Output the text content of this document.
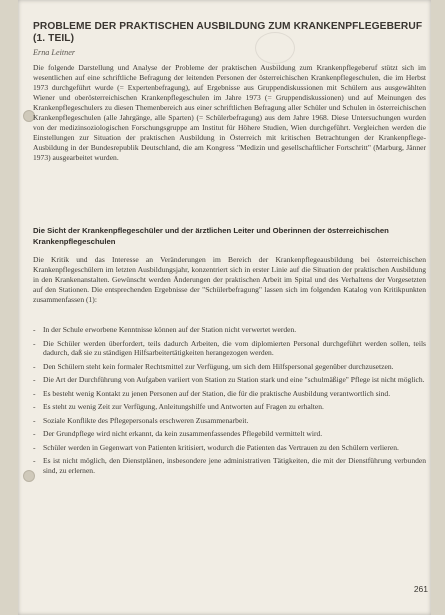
PROBLEME DER PRAKTISCHEN AUSBILDUNG ZUM KRANKENPFLEGEBERUF (1. TEIL)
Erna Leitner
Die folgende Darstellung und Analyse der Probleme der praktischen Ausbildung zum Krankenpflegeberuf stützt sich im wesentlichen auf eine schriftliche Befragung der leitenden Personen der österreichischen Krankenpflegeschulen, die im Herbst 1973 durchgeführt wurde (= Expertenbefragung), auf Ergebnisse aus Gruppendiskussionen mit Schülern aus ausgewählten Wiener und oberösterreichischen Krankenpflegeschulen im Jahre 1973 (= Gruppendiskussionen) und auf Meinungen des Krankenpflegeschulers zu diesen Themenbereich aus einer schriftlichen Befragung aller Schüler und Schulen in österreichischen Krankenpflegeschulen (alle Jahrgänge, alle Sparten) (= Schülerbefragung) aus dem Jahre 1968. Diese Untersuchungen wurden von der medizinsoziologischen Forschungsgruppe am Institut für Höhere Studien, Wien durchgeführt. Vergleichen werden die Einstellungen zur Situation der praktischen Ausbildung in Österreich mit kritischen Betrachtungen der Krankenpflege-Ausbildung in der Bundesrepublik Deutschland, die am Kongress "Medizin und gesellschaftlicher Fortschritt" (Marburg, Jänner 1973) ausgearbeitet wurden.
Die Sicht der Krankenpflegeschüler und der ärztlichen Leiter und Oberinnen der österreichischen Krankenpflegeschulen
Die Kritik und das Interesse an Veränderungen im Bereich der Krankenpflegeausbildung bei österreichischen Krankenpflegeschülern im letzten Ausbildungsjahr, konzentriert sich in erster Linie auf die Situation der praktischen Ausbildung in den Krankenanstalten. Gewünscht werden Änderungen der praktischen Arbeit im Spital und des Verhaltens der Vorgesetzten auf den Stationen. Die entsprechenden Ergebnisse der "Schülerbefragung" lassen sich im folgenden Katalog von Kritikpunkten zusammenfassen (1):
- In der Schule erworbene Kenntnisse können auf der Station nicht verwertet werden.
- Die Schüler werden überfordert, teils dadurch Arbeiten, die vom diplomierten Personal durchgeführt werden sollen, teils dadurch, daß sie zu ständigen Hilfsarbeitertätigkeiten herangezogen werden.
- Den Schülern steht kein formaler Rechtsmittel zur Verfügung, um sich dem Hilfspersonal gegenüber durchzusetzen.
- Die Art der Durchführung von Aufgaben variiert von Station zu Station stark und eine "schulmäßige" Pflege ist nicht möglich.
- Es besteht wenig Kontakt zu jenen Personen auf der Station, die für die praktische Ausbildung verantwortlich sind.
- Es steht zu wenig Zeit zur Verfügung, Anleitungshilfe und Antworten auf Fragen zu erhalten.
- Soziale Konflikte des Pflegepersonals erschweren Zusammenarbeit.
- Der Grundpflege wird nicht erkannt, da kein zusammenfassendes Pflegebild vermittelt wird.
- Schüler werden in Gegenwart von Patienten kritisiert, wodurch die Patienten das Vertrauen zu den Schülern verlieren.
- Es ist nicht möglich, den Dienstplänen, insbesondere jene administrativen Tätigkeiten, die mit der Dienstführung verbunden sind, zu erlernen.
261
